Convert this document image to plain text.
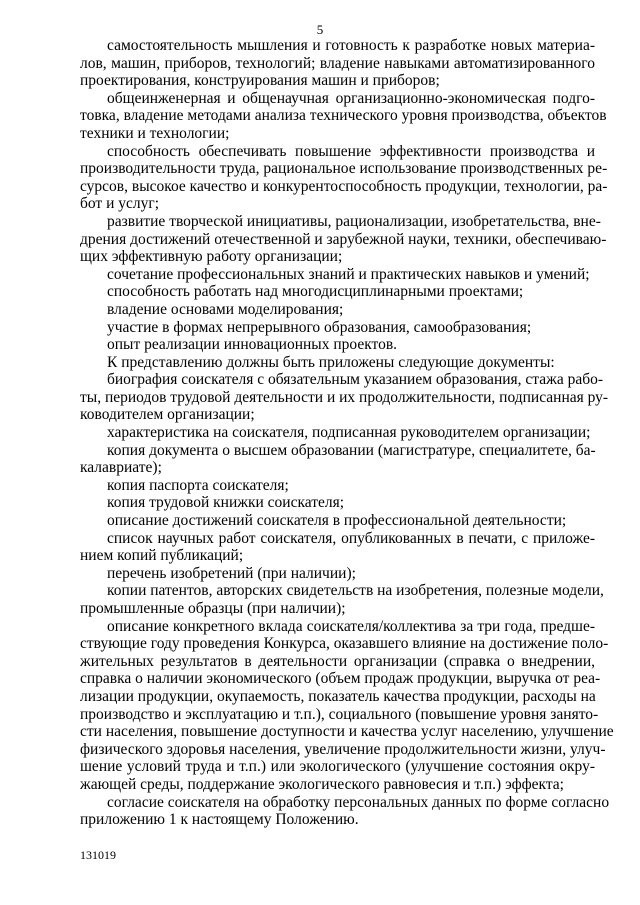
5
самостоятельность мышления и готовность к разработке новых материа-
лов, машин, приборов, технологий; владение навыками автоматизированного
проектирования, конструирования машин и приборов;
общеинженерная и общенаучная организационно-экономическая подго-
товка, владение методами анализа технического уровня производства, объектов
техники и технологии;
способность обеспечивать повышение эффективности производства и
производительности труда, рациональное использование производственных ре-
сурсов, высокое качество и конкурентоспособность продукции, технологии, ра-
бот и услуг;
развитие творческой инициативы, рационализации, изобретательства, вне-
дрения достижений отечественной и зарубежной науки, техники, обеспечиваю-
щих эффективную работу организации;
сочетание профессиональных знаний и практических навыков и умений;
способность работать над многодисциплинарными проектами;
владение основами моделирования;
участие в формах непрерывного образования, самообразования;
опыт реализации инновационных проектов.
К представлению должны быть приложены следующие документы:
биография соискателя с обязательным указанием образования, стажа рабо-
ты, периодов трудовой деятельности и их продолжительности, подписанная ру-
ководителем организации;
характеристика на соискателя, подписанная руководителем организации;
копия документа о высшем образовании (магистратуре, специалитете, ба-
калавриате);
копия паспорта соискателя;
копия трудовой книжки соискателя;
описание достижений соискателя в профессиональной деятельности;
список научных работ соискателя, опубликованных в печати, с приложе-
нием копий публикаций;
перечень изобретений (при наличии);
копии патентов, авторских свидетельств на изобретения, полезные модели,
промышленные образцы (при наличии);
описание конкретного вклада соискателя/коллектива за три года, предше-
ствующие году проведения Конкурса, оказавшего влияние на достижение поло-
жительных результатов в деятельности организации (справка о внедрении,
справка о наличии экономического (объем продаж продукции, выручка от реа-
лизации продукции, окупаемость, показатель качества продукции, расходы на
производство и эксплуатацию и т.п.), социального (повышение уровня занято-
сти населения, повышение доступности и качества услуг населению, улучшение
физического здоровья населения, увеличение продолжительности жизни, улуч-
шение условий труда и т.п.) или экологического (улучшение состояния окру-
жающей среды, поддержание экологического равновесия и т.п.) эффекта;
согласие соискателя на обработку персональных данных по форме согласно
приложению 1 к настоящему Положению.
131019
